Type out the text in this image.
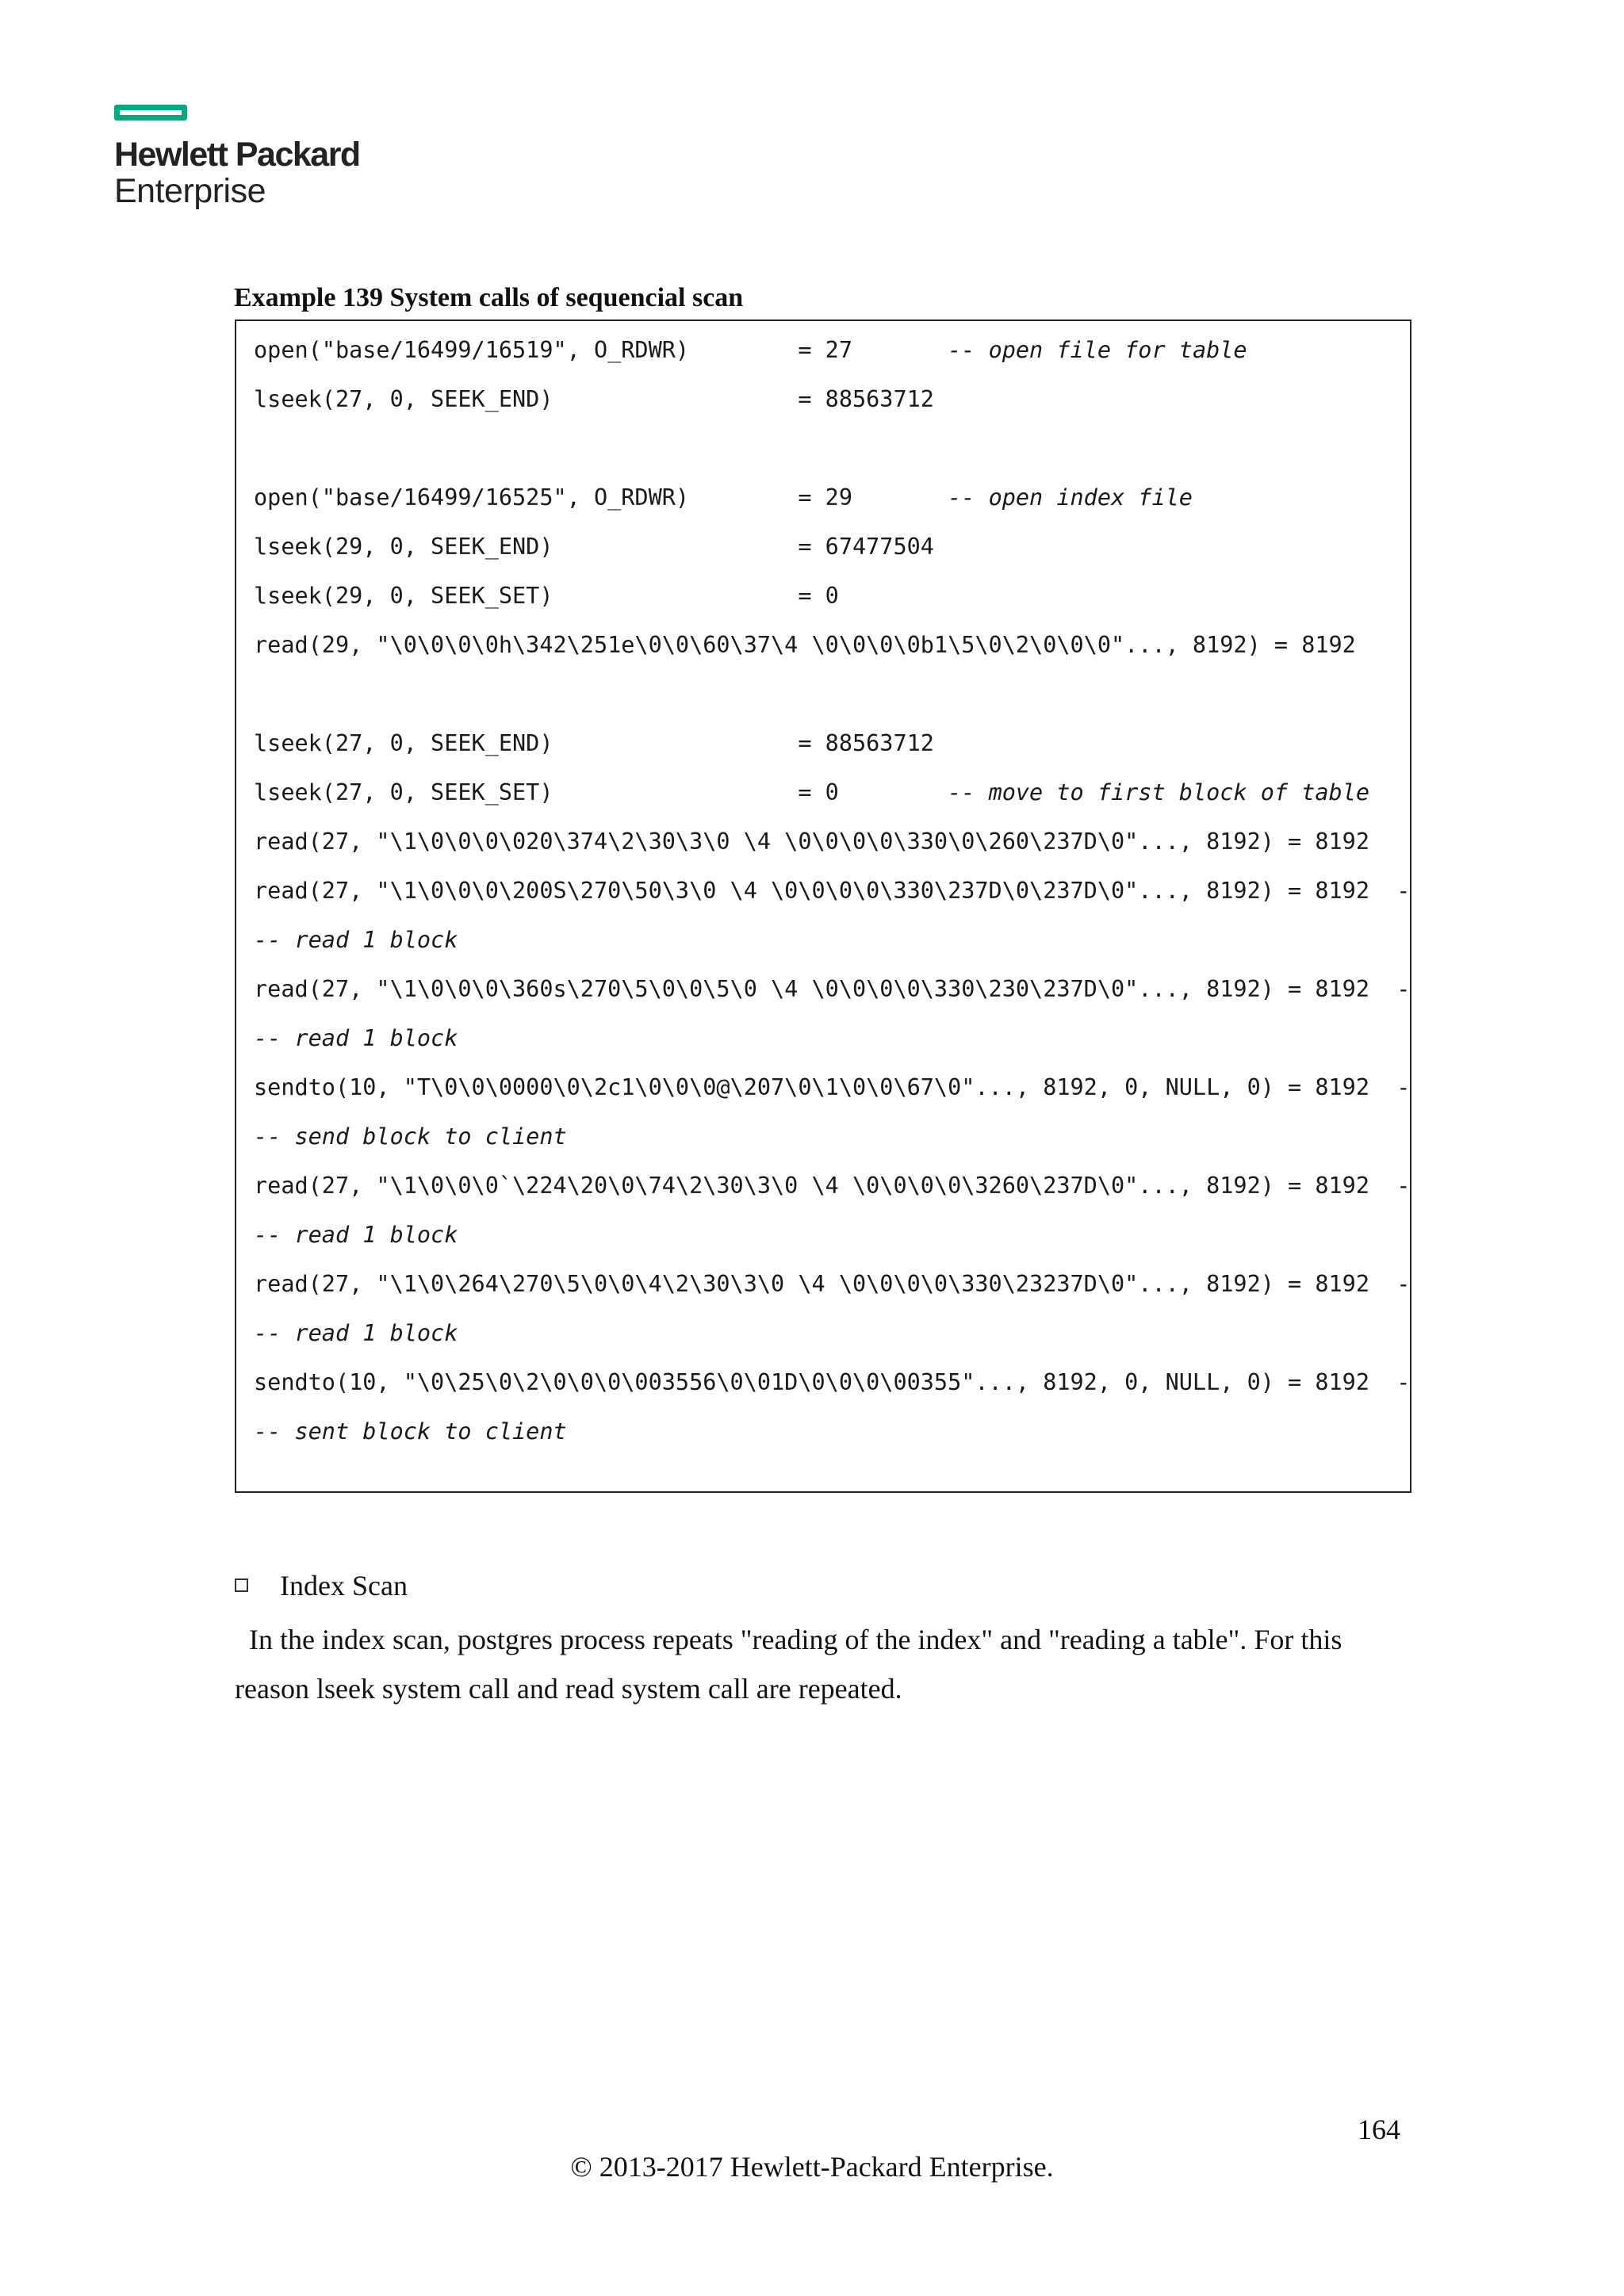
Hewlett Packard
Enterprise
Example 139 System calls of sequencial scan
open("base/16499/16519", O_RDWR)        = 27       -- open file for table
lseek(27, 0, SEEK_END)                  = 88563712
open("base/16499/16525", O_RDWR)        = 29       -- open index file
lseek(29, 0, SEEK_END)                  = 67477504
lseek(29, 0, SEEK_SET)                  = 0
read(29, "\0\0\0\0h\342\251e\0\0\60\37\4 \0\0\0\0b1\5\0\2\0\0\0"..., 8192) = 8192
lseek(27, 0, SEEK_END)                  = 88563712
lseek(27, 0, SEEK_SET)                  = 0        -- move to first block of table
read(27, "\1\0\0\0\020\374\2\30\3\0 \4 \0\0\0\0\330\0\260\237D\0"..., 8192) = 8192
read(27, "\1\0\0\0\200S\270\50\3\0 \4 \0\0\0\0\330\237D\0\237D\0"..., 8192) = 8192  -
-- read 1 block
read(27, "\1\0\0\0\360s\270\5\0\0\5\0 \4 \0\0\0\0\330\230\237D\0"..., 8192) = 8192  -
-- read 1 block
sendto(10, "T\0\0\0000\0\2c1\0\0\0@\207\0\1\0\0\67\0"..., 8192, 0, NULL, 0) = 8192  -
-- send block to client
read(27, "\1\0\0\0`\224\20\0\74\2\30\3\0 \4 \0\0\0\0\3260\237D\0"..., 8192) = 8192  -
-- read 1 block
read(27, "\1\0\264\270\5\0\0\4\2\30\3\0 \4 \0\0\0\0\330\23237D\0"..., 8192) = 8192  -
-- read 1 block
sendto(10, "\0\25\0\2\0\0\0\003556\0\01D\0\0\0\00355"..., 8192, 0, NULL, 0) = 8192  -
-- sent block to client
Index Scan
In the index scan, postgres process repeats "reading of the index" and "reading a table". For this reason lseek system call and read system call are repeated.
164
© 2013-2017 Hewlett-Packard Enterprise.
